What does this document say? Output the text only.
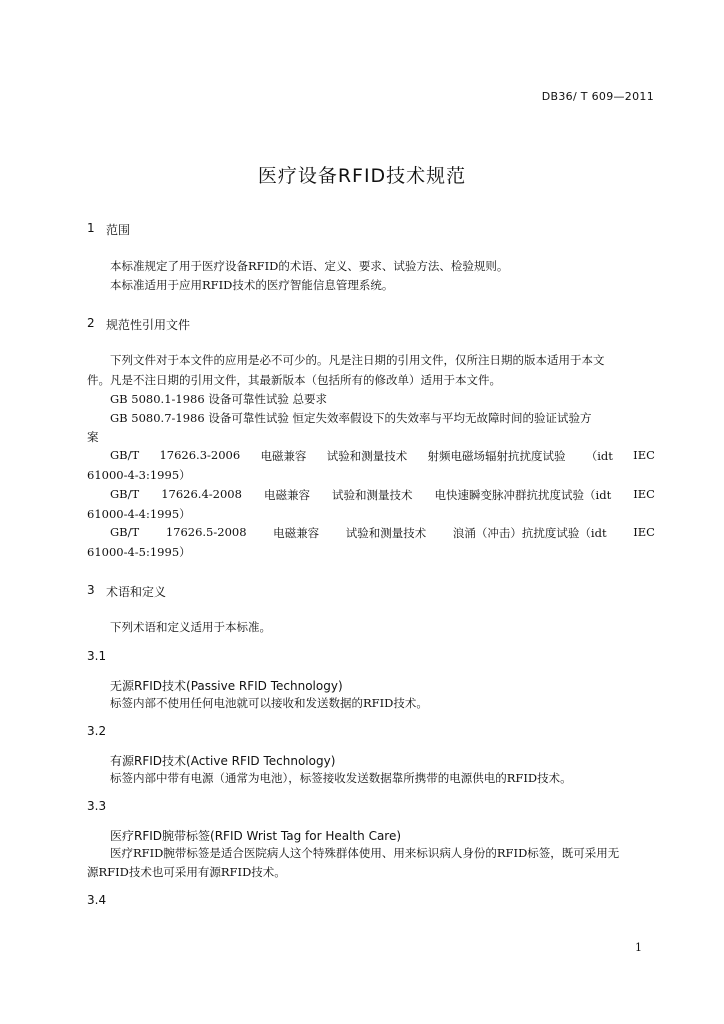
DB36/ T 609—2011
医疗设备RFID技术规范
1 范围
本标准规定了用于医疗设备RFID的术语、定义、要求、试验方法、检验规则。
本标准适用于应用RFID技术的医疗智能信息管理系统。
2 规范性引用文件
下列文件对于本文件的应用是必不可少的。凡是注日期的引用文件，仅所注日期的版本适用于本文
件。凡是不注日期的引用文件，其最新版本（包括所有的修改单）适用于本文件。
GB 5080.1-1986 设备可靠性试验 总要求
GB 5080.7-1986 设备可靠性试验 恒定失效率假设下的失效率与平均无故障时间的验证试验方
案
GB/T 17626.3-2006 电磁兼容 试验和测量技术 射频电磁场辐射抗扰度试验 （idt IEC
61000-4-3:1995）
GB/T 17626.4-2008 电磁兼容 试验和测量技术 电快速瞬变脉冲群抗扰度试验（idt IEC
61000-4-4:1995）
GB/T 17626.5-2008 电磁兼容 试验和测量技术 浪涌（冲击）抗扰度试验（idt IEC
61000-4-5:1995）
3 术语和定义
下列术语和定义适用于本标准。
3.1
无源RFID技术(Passive RFID Technology)
标签内部不使用任何电池就可以接收和发送数据的RFID技术。
3.2
有源RFID技术(Active RFID Technology)
标签内部中带有电源（通常为电池），标签接收发送数据靠所携带的电源供电的RFID技术。
3.3
医疗RFID腕带标签(RFID Wrist Tag for Health Care)
医疗RFID腕带标签是适合医院病人这个特殊群体使用、用来标识病人身份的RFID标签，既可采用无
源RFID技术也可采用有源RFID技术。
3.4
1
